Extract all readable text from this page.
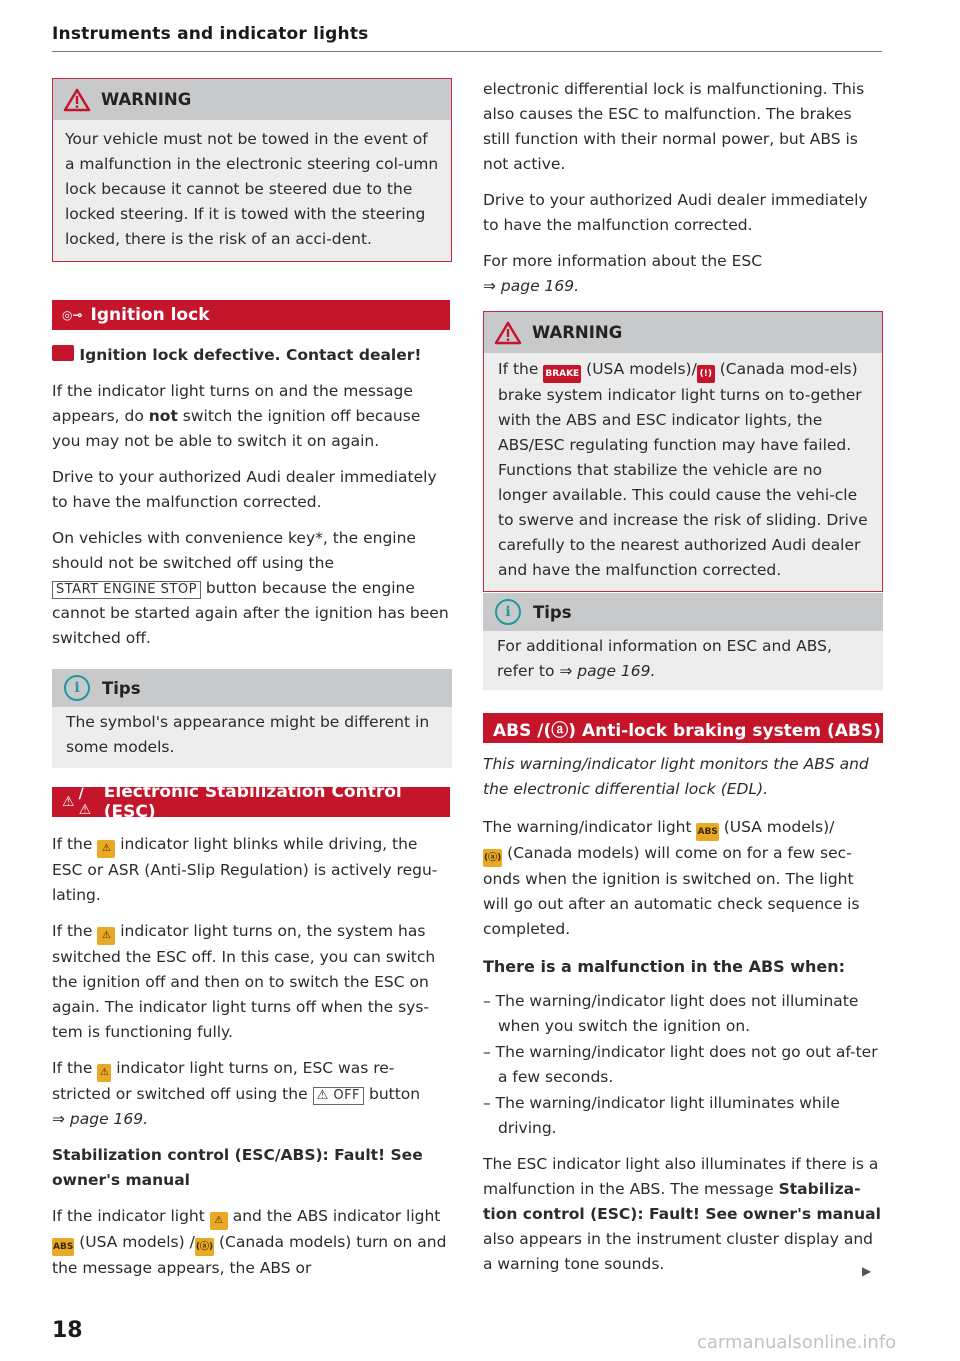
Instruments and indicator lights
WARNING
Your vehicle must not be towed in the event of a malfunction in the electronic steering col-umn lock because it cannot be steered due to the locked steering. If it is towed with the steering locked, there is the risk of an acci-dent.
◎⊸ Ignition lock

Ignition lock defective. Contact dealer!

If the indicator light turns on and the message appears, do not switch the ignition off because you may not be able to switch it on again.

Drive to your authorized Audi dealer immediately to have the malfunction corrected.

On vehicles with convenience key*, the engine should not be switched off using the
START ENGINE STOP button because the engine cannot be started again after the ignition has been switched off.

i	Tips
The symbol's appearance might be different in some models.
⚠ /⚠
Electronic Stabilization Control (ESC)

If the ⚠ indicator light blinks while driving, the ESC or ASR (Anti-Slip Regulation) is actively regu-lating.

If the ⚠ indicator light turns on, the system has switched the ESC off. In this case, you can switch the ignition off and then on to switch the ESC on again. The indicator light turns off when the sys-tem is functioning fully.

If the ⚠ indicator light turns on, ESC was re-stricted or switched off using the ⚠ OFF button
⇒ page 169.

Stabilization control (ESC/ABS): Fault! See owner's manual

If the indicator light ⚠ and the ABS indicator light ABS (USA models) /(ⓐ) (Canada models) turn on and the message appears, the ABS or

18

electronic differential lock is malfunctioning. This also causes the ESC to malfunction. The brakes still function with their normal power, but ABS is not active.

Drive to your authorized Audi dealer immediately to have the malfunction corrected.

For more information about the ESC
⇒ page 169.

WARNING
If the BRAKE (USA models)/ (!) (Canada mod-els) brake system indicator light turns on to-gether with the ABS and ESC indicator lights, the ABS/ESC regulating function may have failed. Functions that stabilize the vehicle are no longer available. This could cause the vehi-cle to swerve and increase the risk of sliding. Drive carefully to the nearest authorized Audi dealer and have the malfunction corrected.
i	Tips
For additional information on ESC and ABS, refer to ⇒ page 169.
ABS /(ⓐ) Anti-lock braking system (ABS)

This warning/indicator light monitors the ABS and the electronic differential lock (EDL).

The warning/indicator light ABS (USA models)/
(ⓐ) (Canada models) will come on for a few sec-onds when the ignition is switched on. The light will go out after an automatic check sequence is completed.

There is a malfunction in the ABS when:

– The warning/indicator light does not illuminate when you switch the ignition on.
– The warning/indicator light does not go out af-ter a few seconds.
– The warning/indicator light illuminates while driving.

The ESC indicator light also illuminates if there is a malfunction in the ABS. The message Stabiliza-tion control (ESC): Fault! See owner's manual also appears in the instrument cluster display and a warning tone sounds.	▶
carmanualsonline.info
